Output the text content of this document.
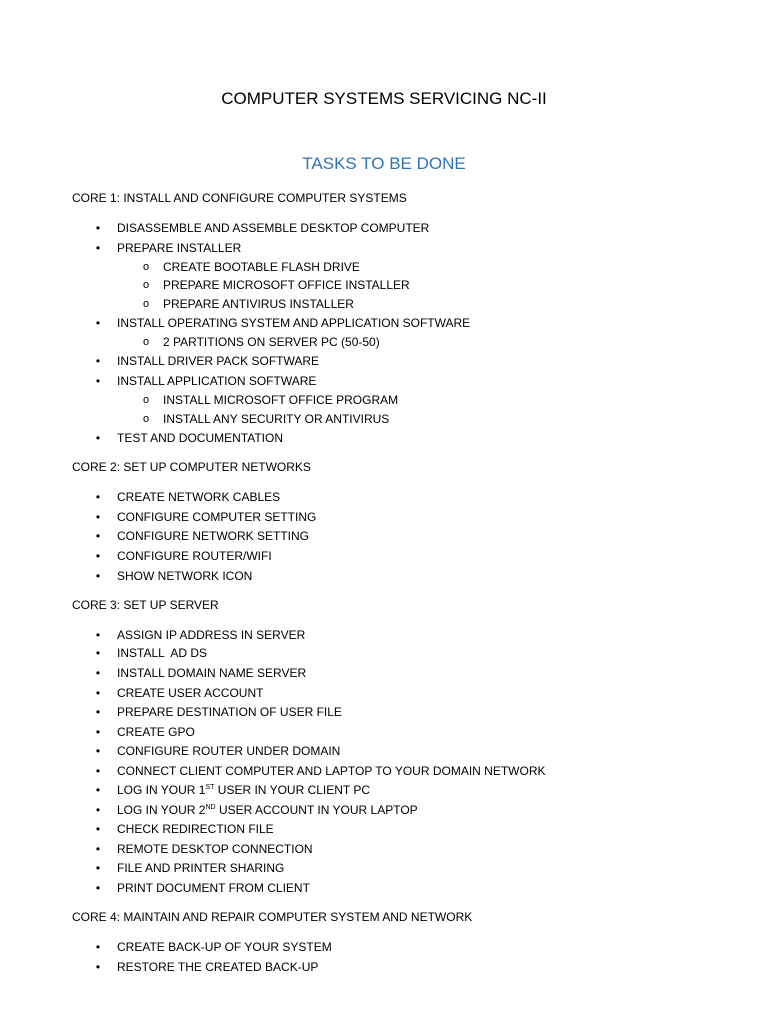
COMPUTER SYSTEMS SERVICING NC-II
TASKS TO BE DONE
CORE 1: INSTALL AND CONFIGURE COMPUTER SYSTEMS
•	DISASSEMBLE AND ASSEMBLE DESKTOP COMPUTER
•	PREPARE INSTALLER
o CREATE BOOTABLE FLASH DRIVE
o PREPARE MICROSOFT OFFICE INSTALLER
o PREPARE ANTIVIRUS INSTALLER
•	INSTALL OPERATING SYSTEM AND APPLICATION SOFTWARE
o 2 PARTITIONS ON SERVER PC (50-50)
•	INSTALL DRIVER PACK SOFTWARE
•	INSTALL APPLICATION SOFTWARE
o INSTALL MICROSOFT OFFICE PROGRAM
o INSTALL ANY SECURITY OR ANTIVIRUS
•	TEST AND DOCUMENTATION
CORE 2: SET UP COMPUTER NETWORKS
•	CREATE NETWORK CABLES
•	CONFIGURE COMPUTER SETTING
•	CONFIGURE NETWORK SETTING
•	CONFIGURE ROUTER/WIFI
•	SHOW NETWORK ICON
CORE 3: SET UP SERVER
•	ASSIGN IP ADDRESS IN SERVER
•	INSTALL  AD DS
•	INSTALL DOMAIN NAME SERVER
•	CREATE USER ACCOUNT
•	PREPARE DESTINATION OF USER FILE
•	CREATE GPO
•	CONFIGURE ROUTER UNDER DOMAIN
•	CONNECT CLIENT COMPUTER AND LAPTOP TO YOUR DOMAIN NETWORK
•	LOG IN YOUR 1ST USER IN YOUR CLIENT PC
•	LOG IN YOUR 2ND USER ACCOUNT IN YOUR LAPTOP
•	CHECK REDIRECTION FILE
•	REMOTE DESKTOP CONNECTION
•	FILE AND PRINTER SHARING
•	PRINT DOCUMENT FROM CLIENT
CORE 4: MAINTAIN AND REPAIR COMPUTER SYSTEM AND NETWORK
•	CREATE BACK-UP OF YOUR SYSTEM
•	RESTORE THE CREATED BACK-UP
